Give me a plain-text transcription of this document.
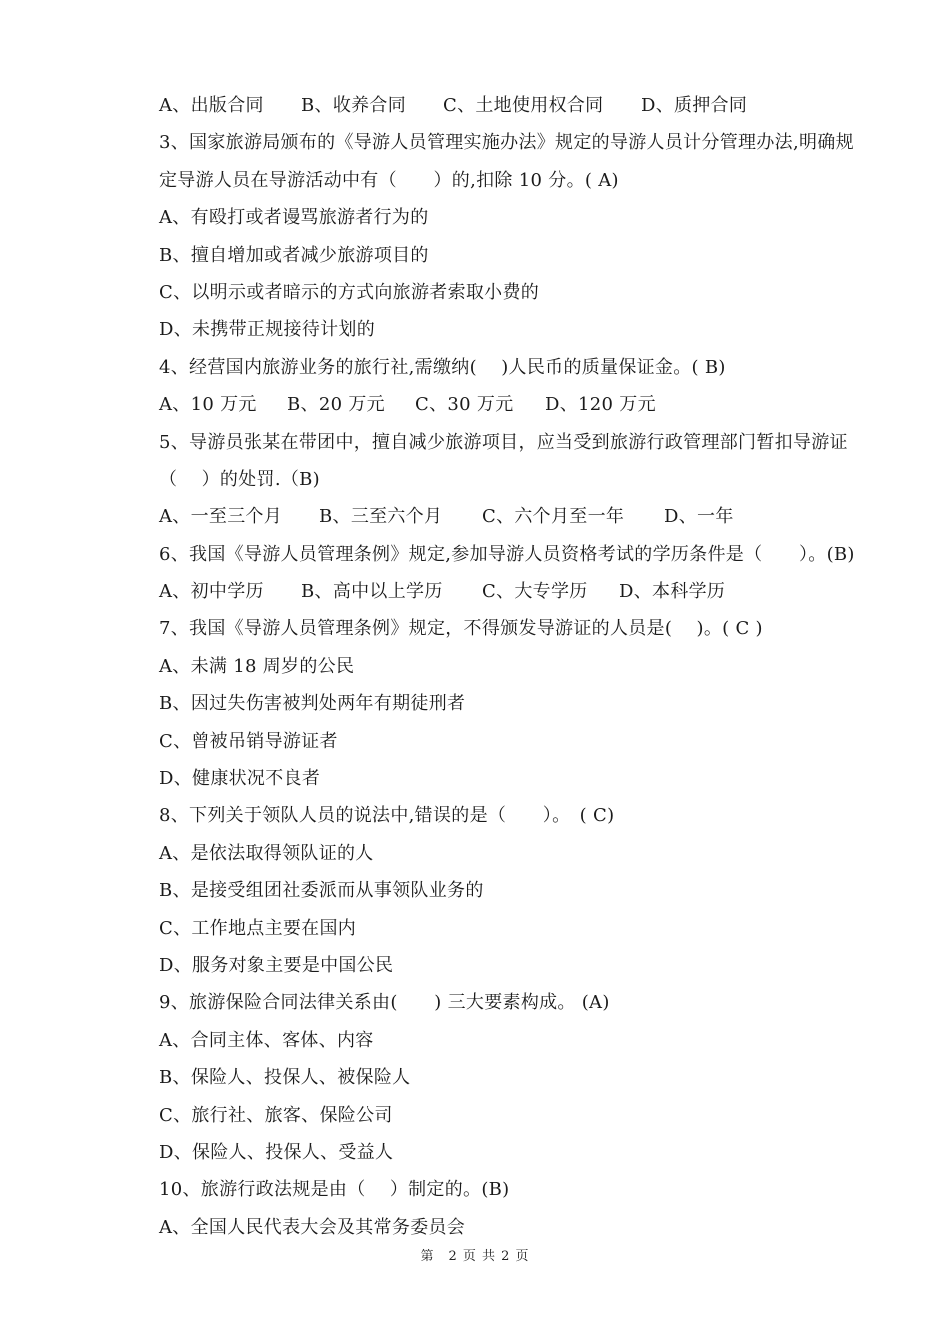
A、出版合同	B、收养合同	C、土地使用权合同	D、质押合同
3、国家旅游局颁布的《导游人员管理实施办法》规定的导游人员计分管理办法,明确规
定导游人员在导游活动中有（　　）的,扣除 10 分。( A)
A、有殴打或者谩骂旅游者行为的
B、擅自增加或者减少旅游项目的
C、以明示或者暗示的方式向旅游者索取小费的
D、未携带正规接待计划的
4、经营国内旅游业务的旅行社,需缴纳(　 )人民币的质量保证金。( B)
A、10 万元	B、20 万元	C、30 万元	D、120 万元
5、导游员张某在带团中，擅自减少旅游项目，应当受到旅游行政管理部门暂扣导游证
（　 ）的处罚.（B)
A、一至三个月	B、三至六个月	C、六个月至一年	D、一年
6、我国《导游人员管理条例》规定,参加导游人员资格考试的学历条件是（　　）。(B)
A、初中学历	B、高中以上学历	C、大专学历	D、本科学历
7、我国《导游人员管理条例》规定，不得颁发导游证的人员是(　 )。( C )
A、未满 18 周岁的公民
B、因过失伤害被判处两年有期徒刑者
C、曾被吊销导游证者
D、健康状况不良者
8、下列关于领队人员的说法中,错误的是（　　）。　( C)
A、是依法取得领队证的人
B、是接受组团社委派而从事领队业务的
C、工作地点主要在国内
D、服务对象主要是中国公民
9、旅游保险合同法律关系由(　　) 三大要素构成。 (A)
A、合同主体、客体、内容
B、保险人、投保人、被保险人
C、旅行社、旅客、保险公司
D、保险人、投保人、受益人
10、旅游行政法规是由（　 ）制定的。(B)
A、全国人民代表大会及其常务委员会
第　2 页 共 2 页
